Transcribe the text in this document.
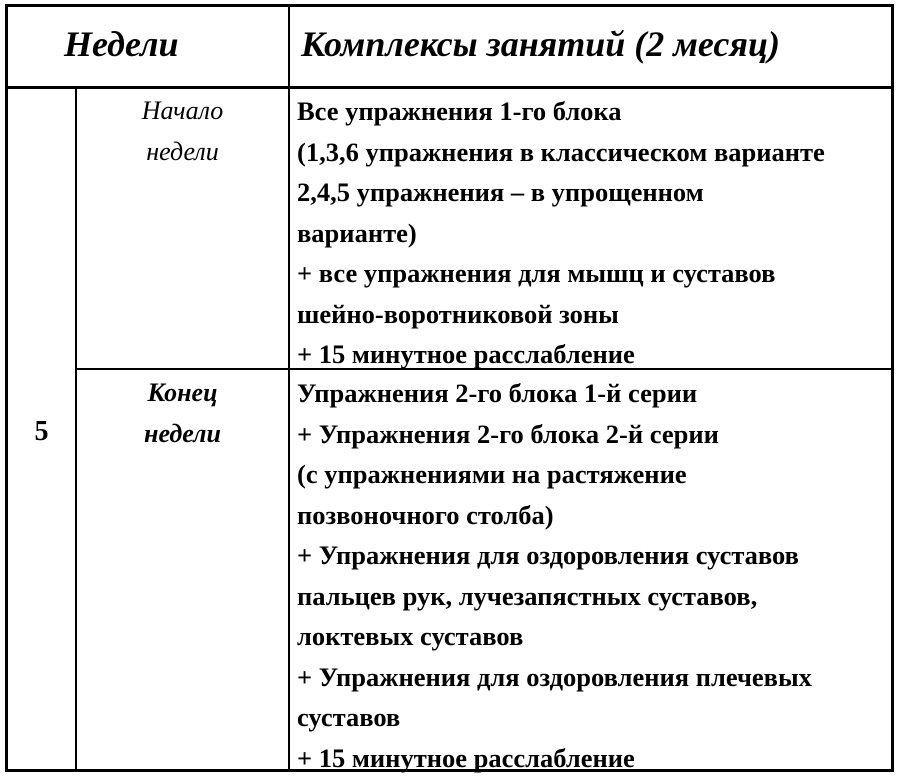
Недели	Комплексы занятий (2 месяц)
5
Начало
недели
Все упражнения 1-го блока
(1,3,6 упражнения в классическом варианте
2,4,5 упражнения – в упрощенном
варианте)
+ все упражнения для мышц и суставов
шейно-воротниковой зоны
+ 15 минутное расслабление
Конец
недели
Упражнения 2-го блока 1-й серии
+ Упражнения 2-го блока 2-й серии
(с упражнениями на растяжение
позвоночного столба)
+ Упражнения для оздоровления суставов
пальцев рук, лучезапястных суставов,
локтевых суставов
+ Упражнения для оздоровления плечевых
суставов
+ 15 минутное расслабление
